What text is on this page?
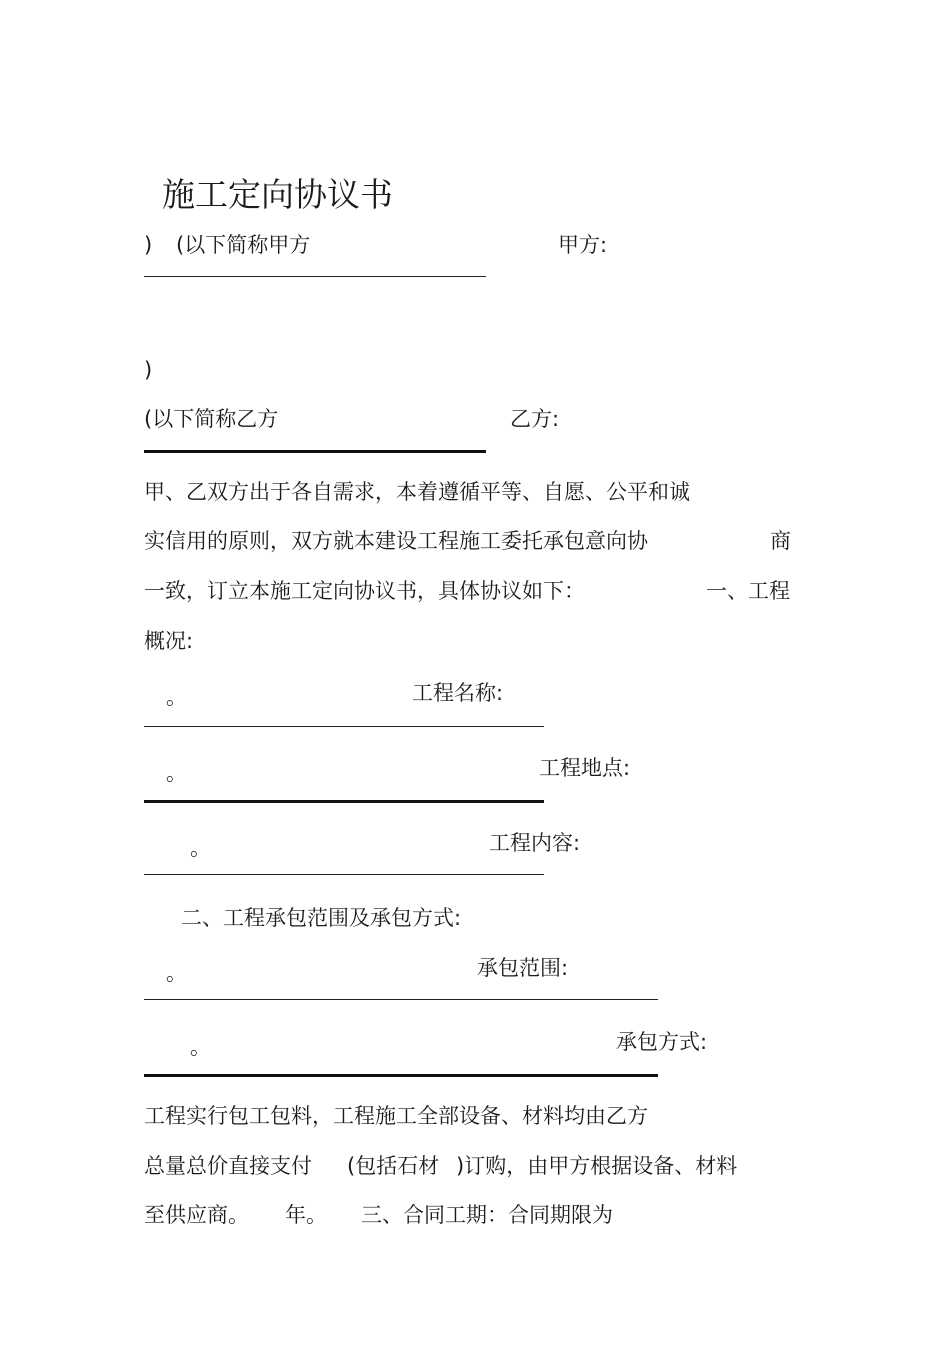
施工定向协议书
) (以下简称甲方	甲方:
)
(以下简称乙方	乙方:
甲、乙双方出于各自需求，本着遵循平等、自愿、公平和诚
实信用的原则，双方就本建设工程施工委托承包意向协	商
一致，订立本施工定向协议书，具体协议如下：	一、工程
概况:
。	工程名称:
。	工程地点:
。	工程内容:
二、工程承包范围及承包方式:
。	承包范围:
。	承包方式:
工程实行包工包料，工程施工全部设备、材料均由乙方
总量总价直接支付 (包括石材 )订购，由甲方根据设备、材料
至供应商。 年。 三、合同工期：合同期限为
